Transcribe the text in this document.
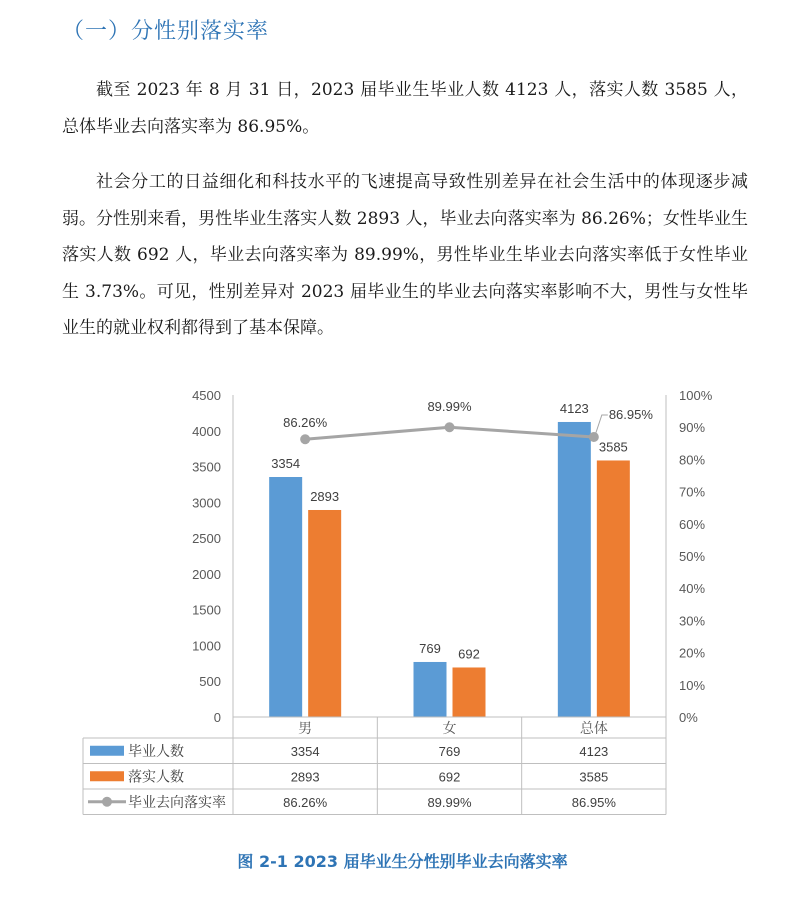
（一）分性别落实率

截至 2023 年 8 月 31 日，2023 届毕业生毕业人数 4123 人，落实人数 3585 人，总体毕业去向落实率为 86.95%。

社会分工的日益细化和科技水平的飞速提高导致性别差异在社会生活中的体现逐步减弱。分性别来看，男性毕业生落实人数 2893 人，毕业去向落实率为 86.26%；女性毕业生落实人数 692 人，毕业去向落实率为 89.99%，男性毕业生毕业去向落实率低于女性毕业生 3.73%。可见，性别差异对 2023 届毕业生的毕业去向落实率影响不大，男性与女性毕业生的就业权利都得到了基本保障。

0
500
1000
1500
2000
2500
3000
3500
4000
4500
0%
10%
20%
30%
40%
50%
60%
70%
80%
90%
100%
3354
2893
769 692
4123
3585
86.26%
89.99%
86.95%
男	女	总体
毕业人数	3354	769	4123
落实人数	2893	692	3585
毕业去向落实率	86.26%	89.99%	86.95%
图 2-1 2023 届毕业生分性别毕业去向落实率
